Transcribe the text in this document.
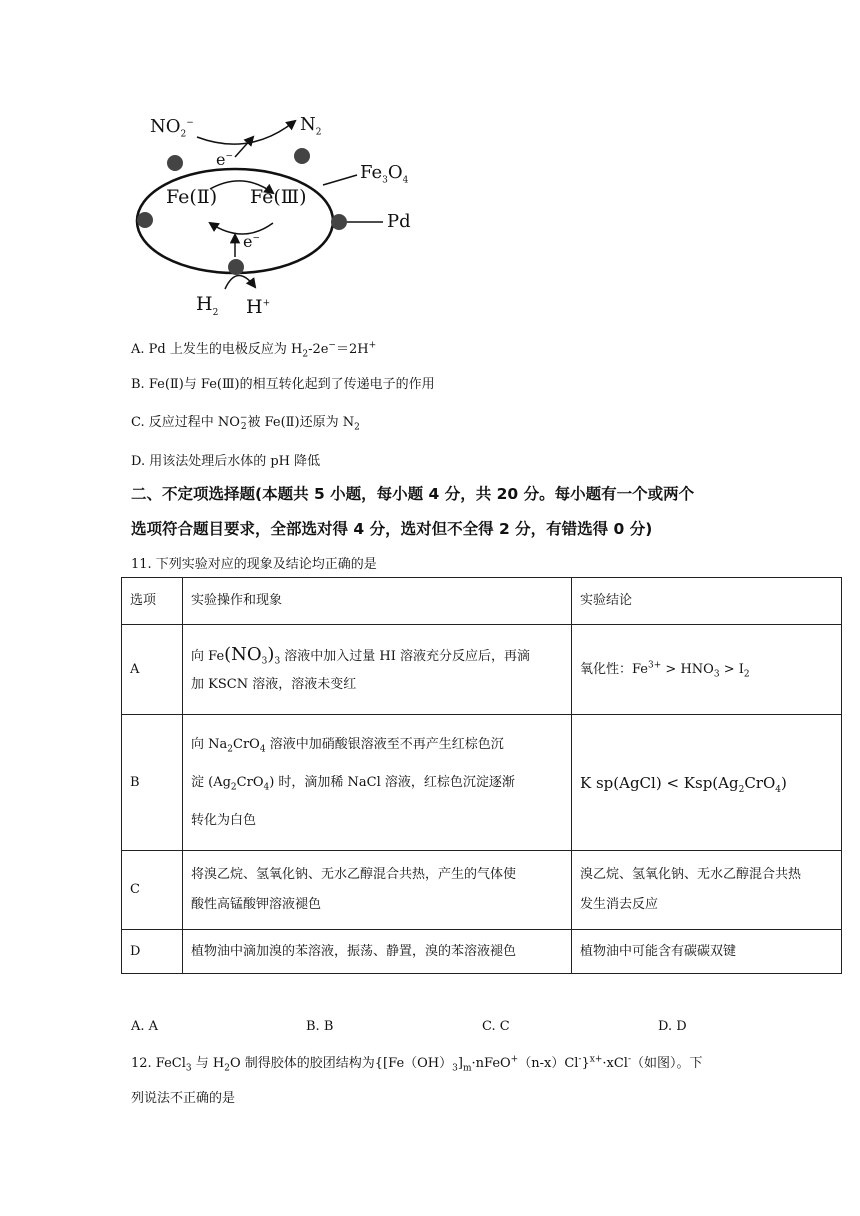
$NO_2^-$	$N_2$
e−
Fe(Ⅱ) Fe(Ⅲ)
$Fe_3O_4$
Pd
e−
$H_2$ H+
A. Pd 上发生的电极反应为 $H_2-2e^-=2H^+$
B. Fe(Ⅱ)与 Fe(Ⅲ)的相互转化起到了传递电子的作用
C. 反应过程中 NO−
2被 Fe(Ⅱ)还原为 $N_2$
D. 用该法处理后水体的 pH 降低
二、不定项选择题(本题共 5 小题，每小题 4 分，共 20 分。每小题有一个或两个
选项符合题目要求，全部选对得 4 分，选对但不全得 2 分，有错选得 0 分)
11. 下列实验对应的现象及结论均正确的是
选项	实验操作和现象	实验结论
A	向 $Fe(NO_3)_3$ 溶液中加入过量 HI 溶液充分反应后，再滴
加 KSCN 溶液，溶液未变红	氧化性：$Fe^{3+} > HNO_3 > I_2$
B	向 $Na_2CrO_4$ 溶液中加硝酸银溶液至不再产生红棕色沉
淀 $(Ag_2CrO_4)$ 时，滴加稀 NaCl 溶液，红棕色沉淀逐渐
转化为白色	K sp(AgCl) < $Ksp(Ag_2CrO_4)$
C	将溴乙烷、氢氧化钠、无水乙醇混合共热，产生的气体使
酸性高锰酸钾溶液褪色	溴乙烷、氢氧化钠、无水乙醇混合共热
发生消去反应
D	植物油中滴加溴的苯溶液，振荡、静置，溴的苯溶液褪色	植物油中可能含有碳碳双键
A. A	B. B	C. C	D. D
12. FeCl$_3$ 与 $H_2O$ 制得胶体的胶团结构为$\{[Fe(OH)_3]_m\cdot nFeO^+(n-x)Cl^-\}^{x+}\cdot xCl^-$（如图）。下
列说法不正确的是
